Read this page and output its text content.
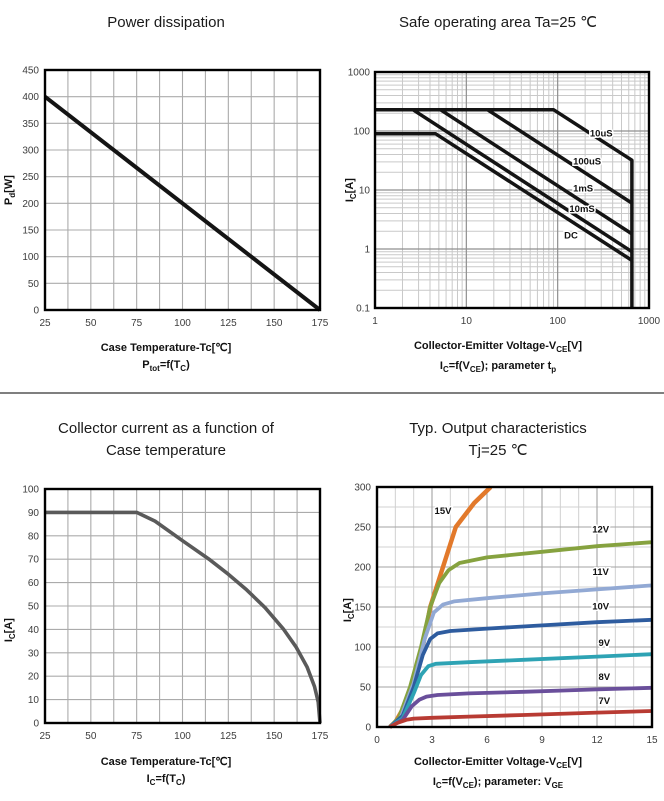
Power dissipation
$P_d[W]$
25	50	75	100	125	150	175
0
50
100
150
200
250
300
350
400
450
Case Temperature-Tc[℃]
$P_{tot}=f(T_C)$
Safe operating area Ta=25 ℃
$I_C[A]$
1	10	100	1000
0.1
1
10
100
1000
10uS
100uS
1mS
10mS
DC
Collector-Emitter Voltage-$V_{CE}[V]$
$I_C=f(V_{CE})$; parameter $t_p$
Collector current as a function of
Case temperature
$I_C[A]$
25	50	75	100	125	150	175
0
10
20
30
40
50
60
70
80
90
100
Case Temperature-Tc[℃]
$I_C=f(T_C)$
Typ. Output characteristics
Tj=25 ℃
$I_C[A]$
0	3	6	9	12	15
0
50
100
150
200
250
300
15V
12V
11V
10V
9V
8V
7V
Collector-Emitter Voltage-$V_{CE}[V]$
$I_C=f(V_{CE})$; parameter: $V_{GE}$
